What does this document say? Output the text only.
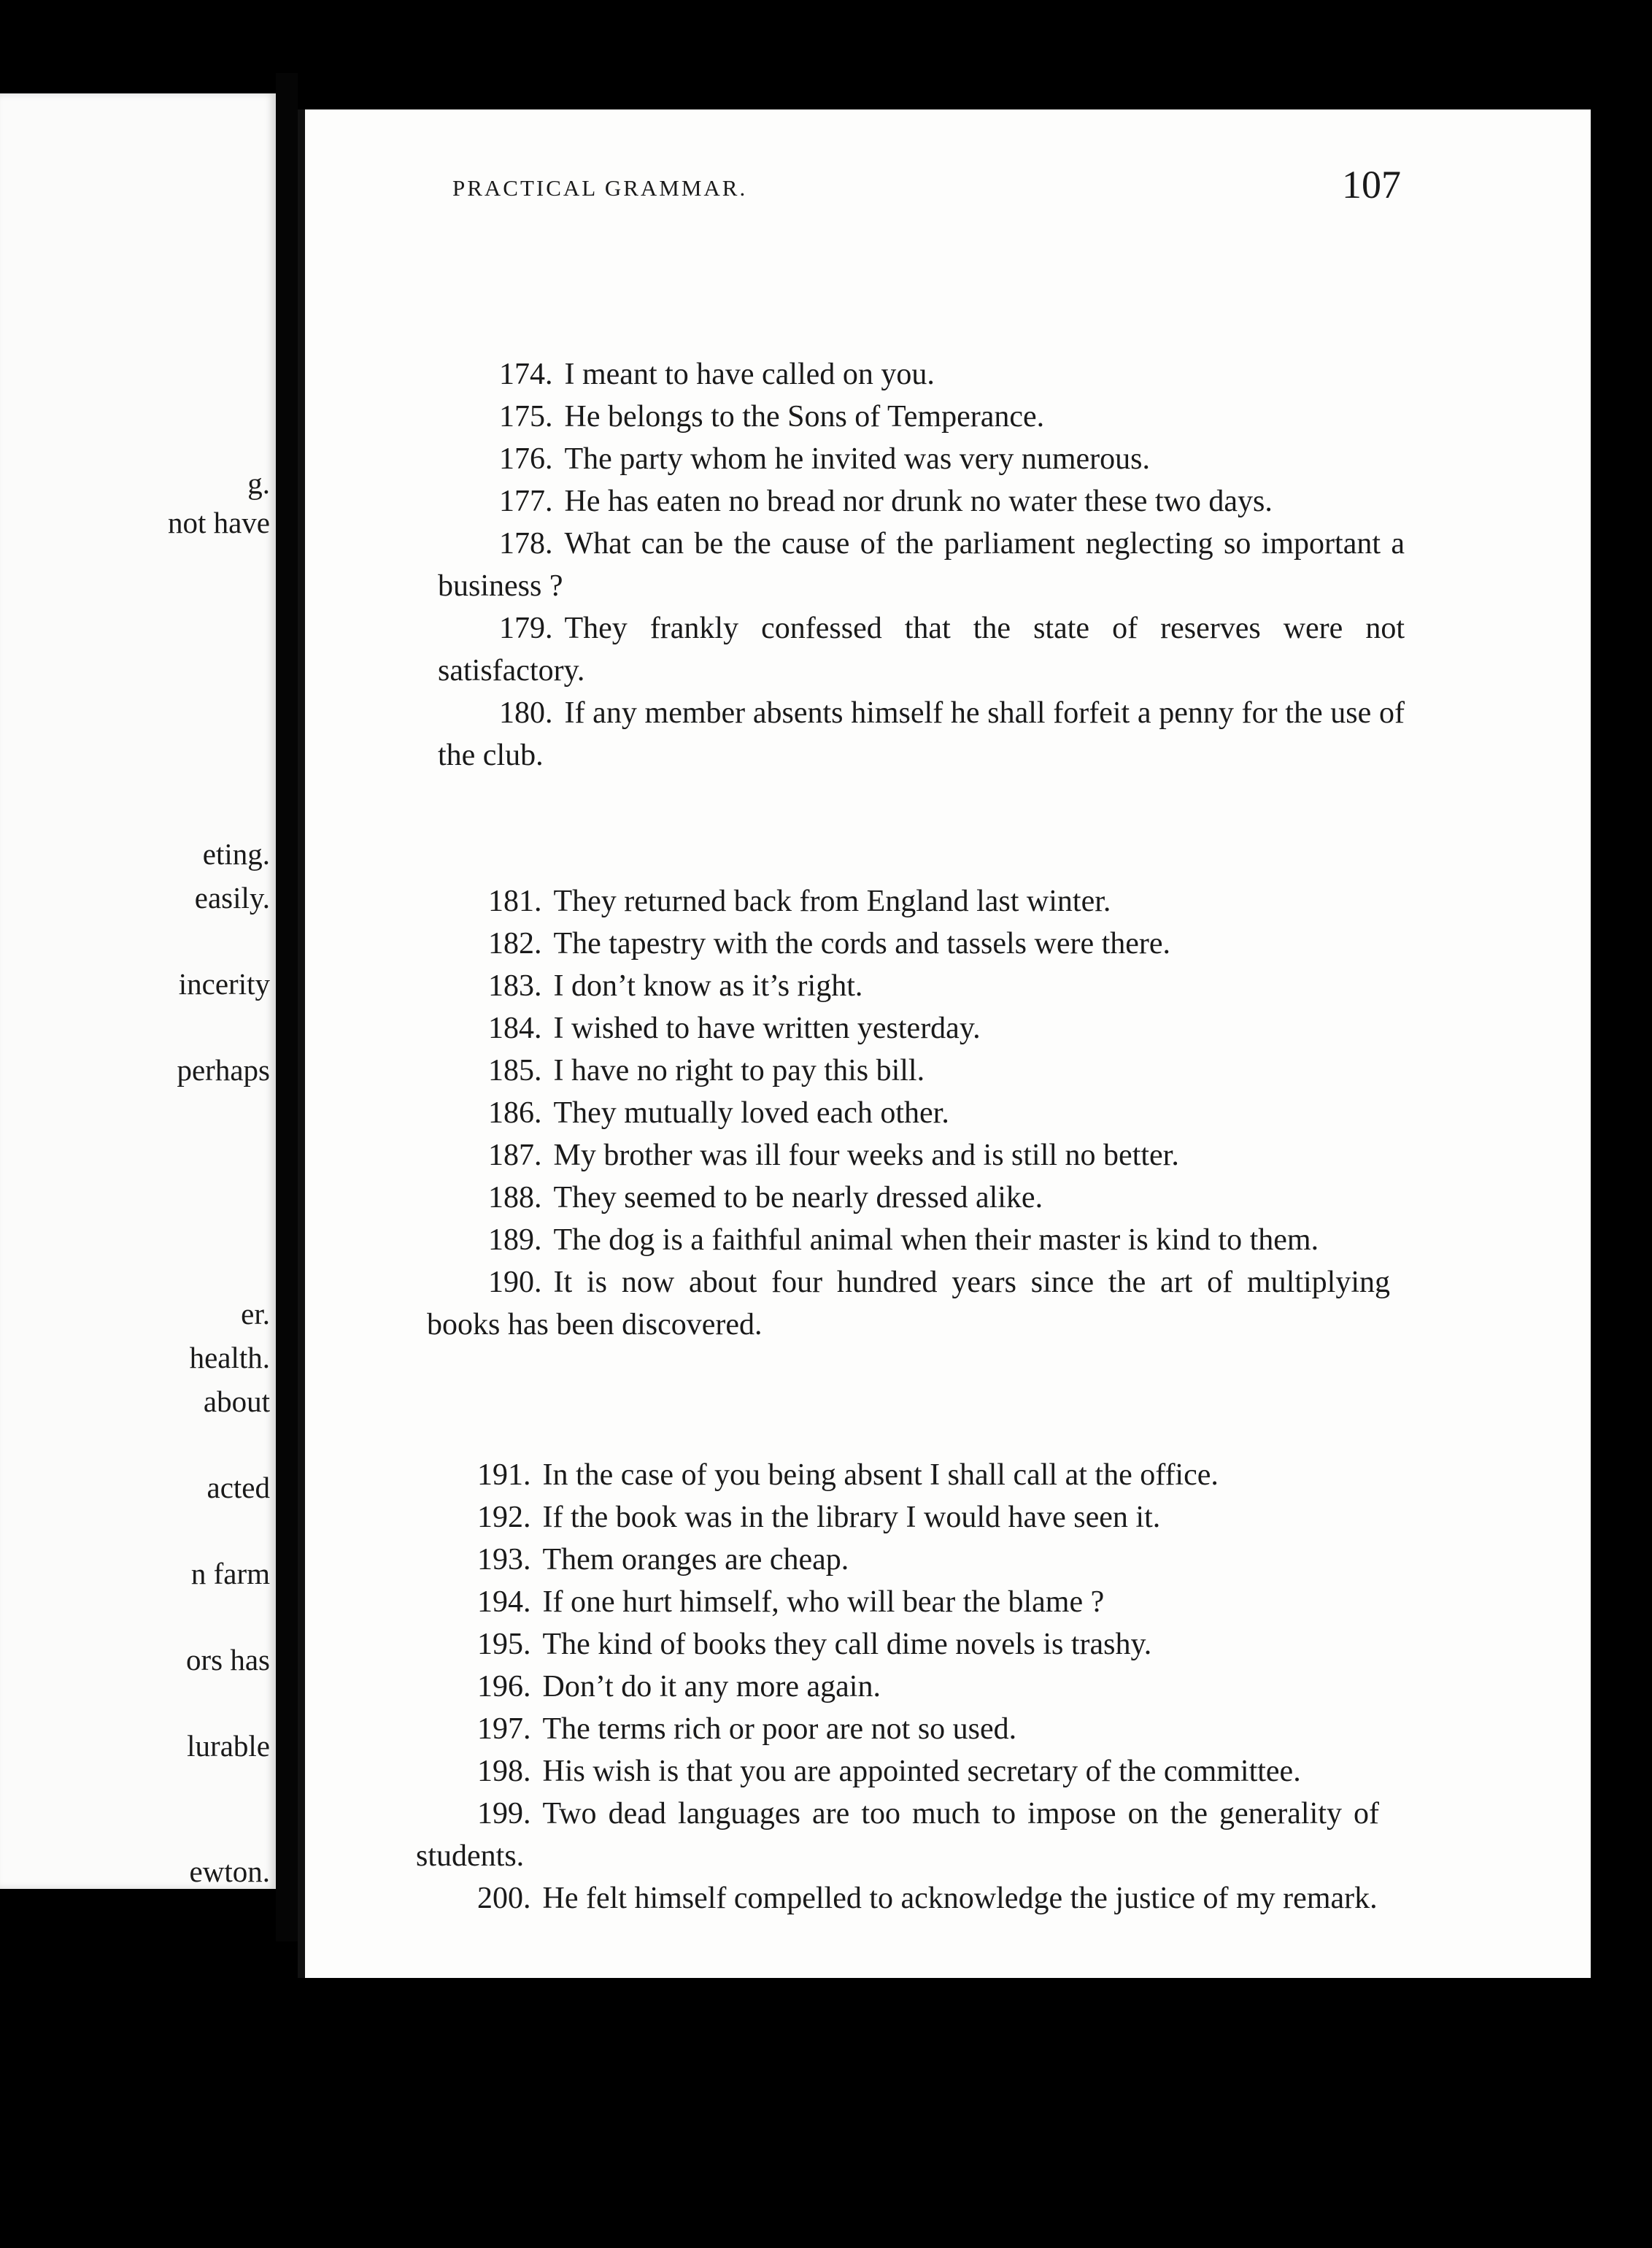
g.
not have
eting.
easily.
incerity
perhaps
er.
health.
about
acted
n farm
ors has
lurable
ewton.
PRACTICAL GRAMMAR.	107

174. I meant to have called on you.

175. He belongs to the Sons of Temperance.

176. The party whom he invited was very numerous.

177. He has eaten no bread nor drunk no water these two days.

178. What can be the cause of the parliament neglecting so important a business ?

179. They frankly confessed that the state of reserves were not satisfactory.

180. If any member absents himself he shall forfeit a penny for the use of the club.

181. They returned back from England last winter.

182. The tapestry with the cords and tassels were there.

183. I don’t know as it’s right.

184. I wished to have written yesterday.

185. I have no right to pay this bill.

186. They mutually loved each other.

187. My brother was ill four weeks and is still no better.

188. They seemed to be nearly dressed alike.

189. The dog is a faithful animal when their master is kind to them.

190. It is now about four hundred years since the art of multiplying books has been discovered.

191. In the case of you being absent I shall call at the office.

192. If the book was in the library I would have seen it.

193. Them oranges are cheap.

194. If one hurt himself, who will bear the blame ?

195. The kind of books they call dime novels is trashy.

196. Don’t do it any more again.

197. The terms rich or poor are not so used.

198. His wish is that you are appointed secretary of the committee.

199. Two dead languages are too much to impose on the generality of students.

200. He felt himself compelled to acknowledge the justice of my remark.
